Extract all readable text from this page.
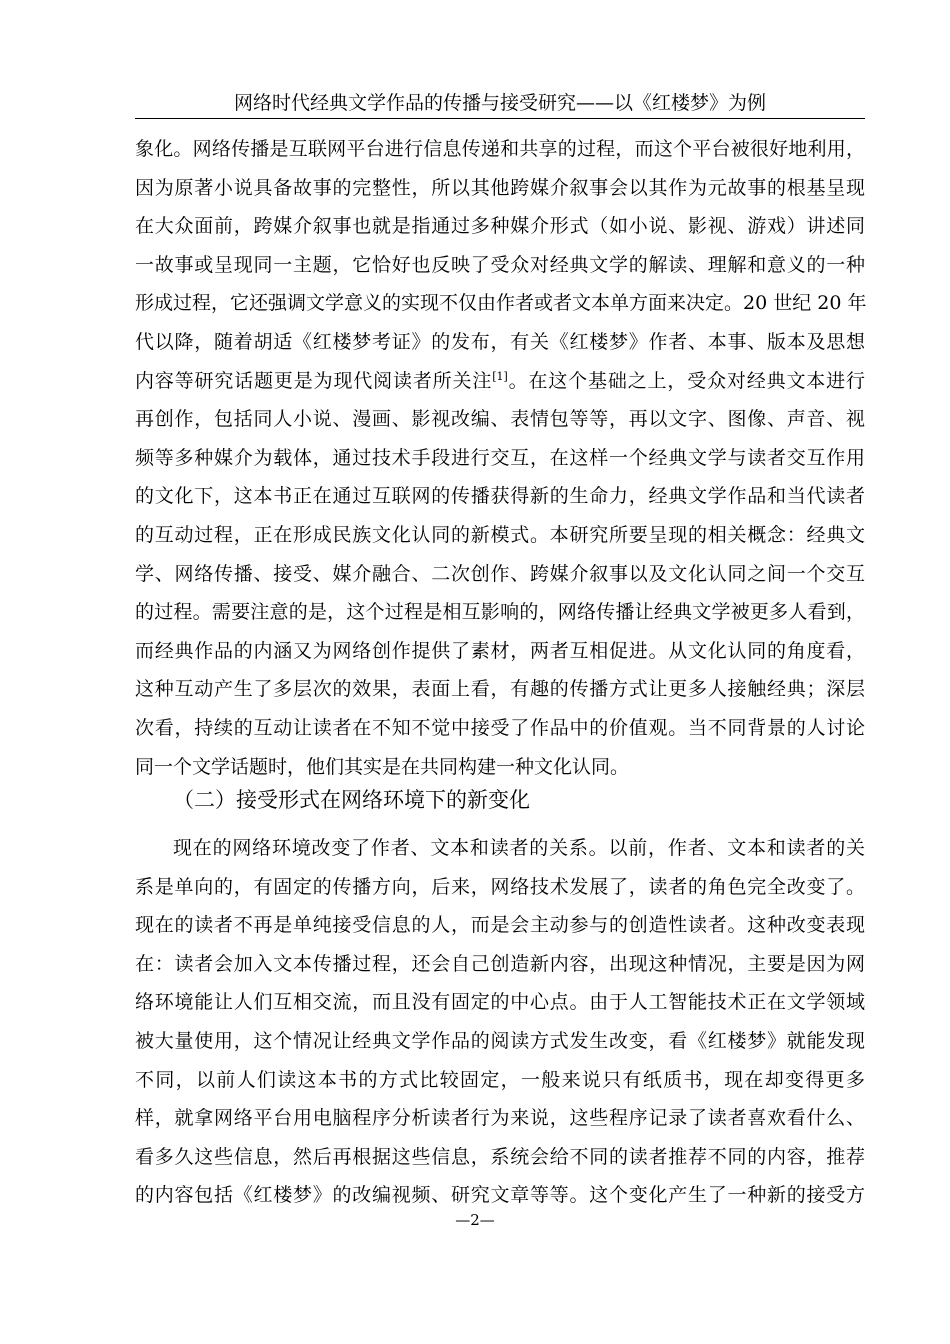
网络时代经典文学作品的传播与接受研究——以《红楼梦》为例
象化。网络传播是互联网平台进行信息传递和共享的过程，而这个平台被很好地利用，
因为原著小说具备故事的完整性，所以其他跨媒介叙事会以其作为元故事的根基呈现
在大众面前，跨媒介叙事也就是指通过多种媒介形式（如小说、影视、游戏）讲述同
一故事或呈现同一主题，它恰好也反映了受众对经典文学的解读、理解和意义的一种
形成过程，它还强调文学意义的实现不仅由作者或者文本单方面来决定。20 世纪 20 年
代以降，随着胡适《红楼梦考证》的发布，有关《红楼梦》作者、本事、版本及思想
内容等研究话题更是为现代阅读者所关注[1]。在这个基础之上，受众对经典文本进行
再创作，包括同人小说、漫画、影视改编、表情包等等，再以文字、图像、声音、视
频等多种媒介为载体，通过技术手段进行交互，在这样一个经典文学与读者交互作用
的文化下，这本书正在通过互联网的传播获得新的生命力，经典文学作品和当代读者
的互动过程，正在形成民族文化认同的新模式。本研究所要呈现的相关概念：经典文
学、网络传播、接受、媒介融合、二次创作、跨媒介叙事以及文化认同之间一个交互
的过程。需要注意的是，这个过程是相互影响的，网络传播让经典文学被更多人看到，
而经典作品的内涵又为网络创作提供了素材，两者互相促进。从文化认同的角度看，
这种互动产生了多层次的效果，表面上看，有趣的传播方式让更多人接触经典；深层
次看，持续的互动让读者在不知不觉中接受了作品中的价值观。当不同背景的人讨论
同一个文学话题时，他们其实是在共同构建一种文化认同。
（二）接受形式在网络环境下的新变化
现在的网络环境改变了作者、文本和读者的关系。以前，作者、文本和读者的关
系是单向的，有固定的传播方向，后来，网络技术发展了，读者的角色完全改变了。
现在的读者不再是单纯接受信息的人，而是会主动参与的创造性读者。这种改变表现
在：读者会加入文本传播过程，还会自己创造新内容，出现这种情况，主要是因为网
络环境能让人们互相交流，而且没有固定的中心点。由于人工智能技术正在文学领域
被大量使用，这个情况让经典文学作品的阅读方式发生改变，看《红楼梦》就能发现
不同，以前人们读这本书的方式比较固定，一般来说只有纸质书，现在却变得更多
样，就拿网络平台用电脑程序分析读者行为来说，这些程序记录了读者喜欢看什么、
看多久这些信息，然后再根据这些信息，系统会给不同的读者推荐不同的内容，推荐
的内容包括《红楼梦》的改编视频、研究文章等等。这个变化产生了一种新的接受方
—2—
